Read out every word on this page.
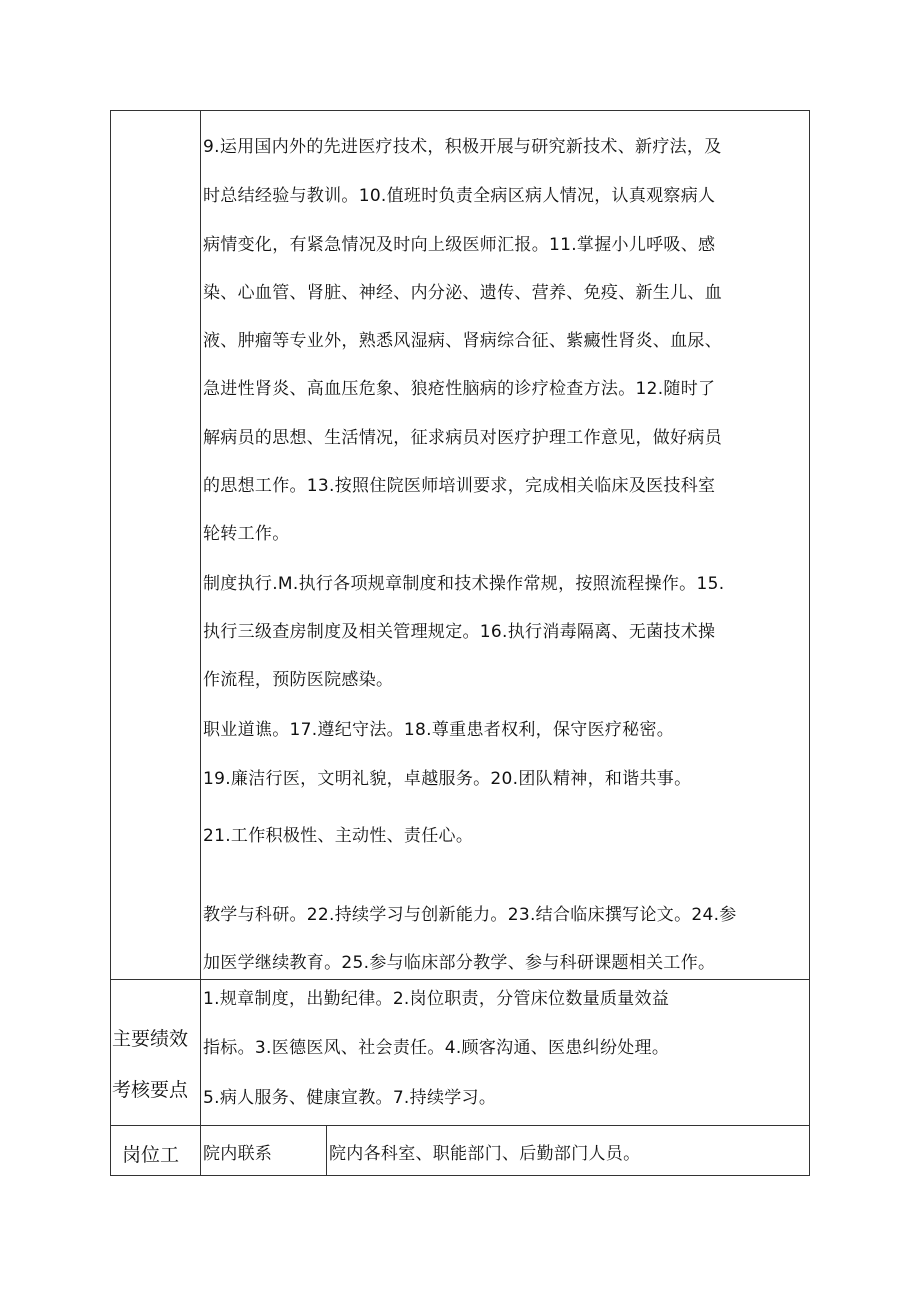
9.运用国内外的先进医疗技术，积极开展与研究新技术、新疗法，及
时总结经验与教训。10.值班时负责全病区病人情况，认真观察病人
病情变化，有紧急情况及时向上级医师汇报。11.掌握小儿呼吸、感
染、心血管、肾脏、神经、内分泌、遗传、营养、免疫、新生儿、血
液、肿瘤等专业外，熟悉风湿病、肾病综合征、紫癜性肾炎、血尿、
急进性肾炎、高血压危象、狼疮性脑病的诊疗检查方法。12.随时了
解病员的思想、生活情况，征求病员对医疗护理工作意见，做好病员
的思想工作。13.按照住院医师培训要求，完成相关临床及医技科室
轮转工作。
制度执行.M.执行各项规章制度和技术操作常规，按照流程操作。15.
执行三级查房制度及相关管理规定。16.执行消毒隔离、无菌技术操
作流程，预防医院感染。
职业道谯。17.遵纪守法。18.尊重患者权利，保守医疗秘密。
19.廉洁行医，文明礼貌，卓越服务。20.团队精神，和谐共事。
21.工作积极性、主动性、责任心。
教学与科研。22.持续学习与创新能力。23.结合临床撰写论文。24.参
加医学继续教育。25.参与临床部分教学、参与科研课题相关工作。
主要绩效
考核要点
1.规章制度，出勤纪律。2.岗位职责，分管床位数量质量效益
指标。3.医德医风、社会责任。4.顾客沟通、医患纠纷处理。
5.病人服务、健康宣教。7.持续学习。
岗位工 院内联系	院内各科室、职能部门、后勤部门人员。
